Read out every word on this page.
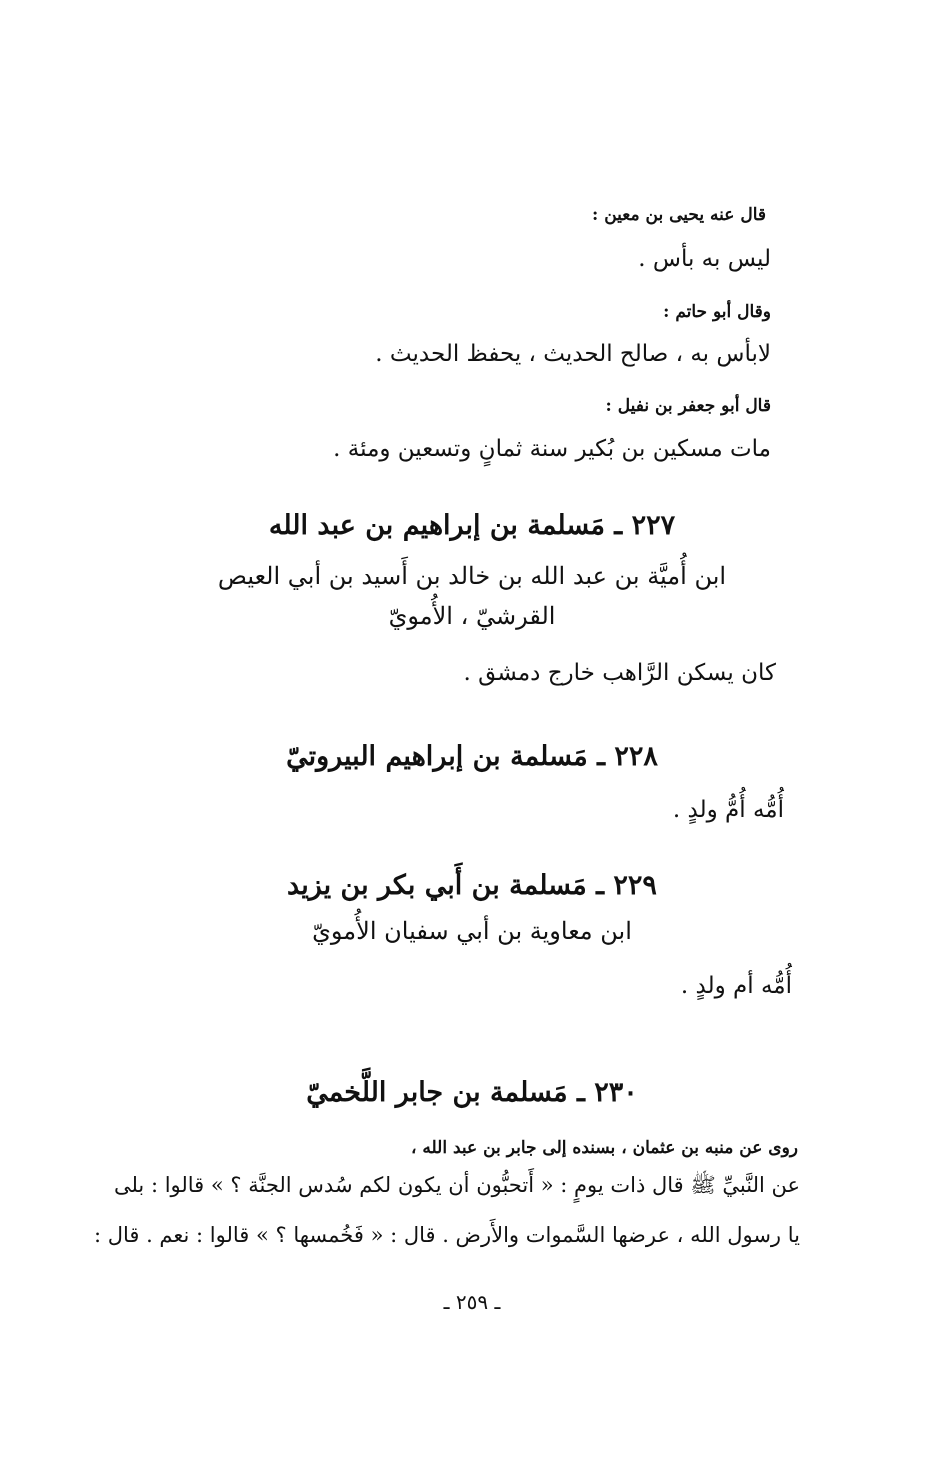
قال عنه يحيى بن معين :
ليس به بأس .
وقال أبو حاتم :
لابأس به ، صالح الحديث ، يحفظ الحديث .
قال أبو جعفر بن نفيل :
مات مسكين بن بُكير سنة ثمانٍ وتسعين ومئة .
٢٢٧ ـ مَسلمة بن إبراهيم بن عبد الله
ابن أُميَّة بن عبد الله بن خالد بن أَسيد بن أبي العيص
القرشيّ ، الأُمويّ
كان يسكن الرَّاهب خارج دمشق .
٢٢٨ ـ مَسلمة بن إبراهيم البيروتيّ
أُمُّه أُمُّ ولدٍ .
٢٢٩ ـ مَسلمة بن أَبي بكر بن يزيد
ابن معاوية بن أبي سفيان الأُمويّ
أُمُّه أم ولدٍ .
٢٣٠ ـ مَسلمة بن جابر اللَّخميّ
روى عن منبه بن عثمان ، بسنده إلى جابر بن عبد الله ،
عن النَّبيِّ ﷺ قال ذات يومٍ : « أَتحبُّون أن يكون لكم سُدس الجنَّة ؟ » قالوا : بلى
يا رسول الله ، عرضها السَّموات والأَرض . قال : « فَخُمسها ؟ » قالوا : نعم . قال :
ـ ٢٥٩ ـ
